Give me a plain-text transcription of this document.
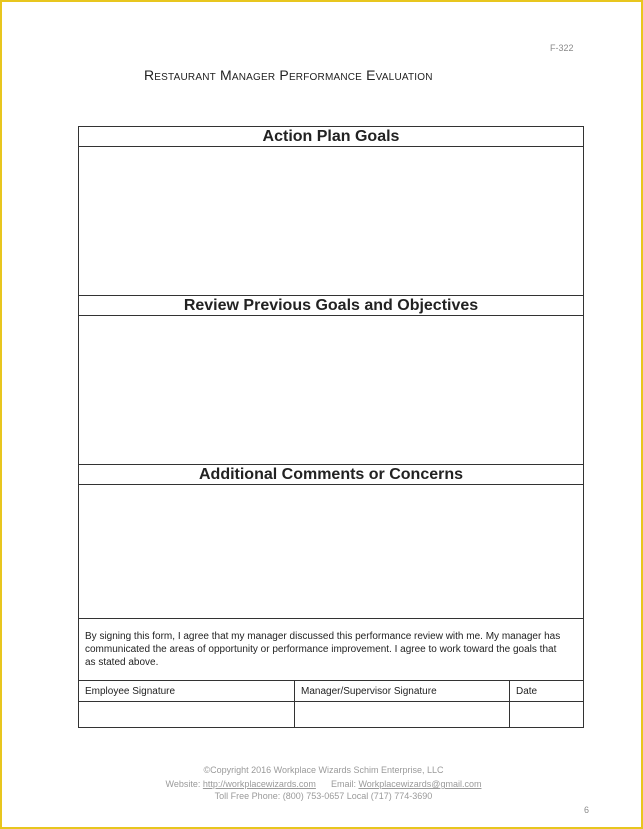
F-322
Restaurant Manager Performance Evaluation
Action Plan Goals
Review Previous Goals and Objectives
Additional Comments or Concerns
By signing this form, I agree that my manager discussed this performance review with me. My manager has communicated the areas of opportunity or performance improvement. I agree to work toward the goals that as stated above.
Employee Signature	Manager/Supervisor Signature	Date
©Copyright 2016 Workplace Wizards Schim Enterprise, LLC
Website: http://workplacewizards.com Email: Workplacewizards@gmail.com
Toll Free Phone: (800) 753-0657 Local (717) 774-3690
6
